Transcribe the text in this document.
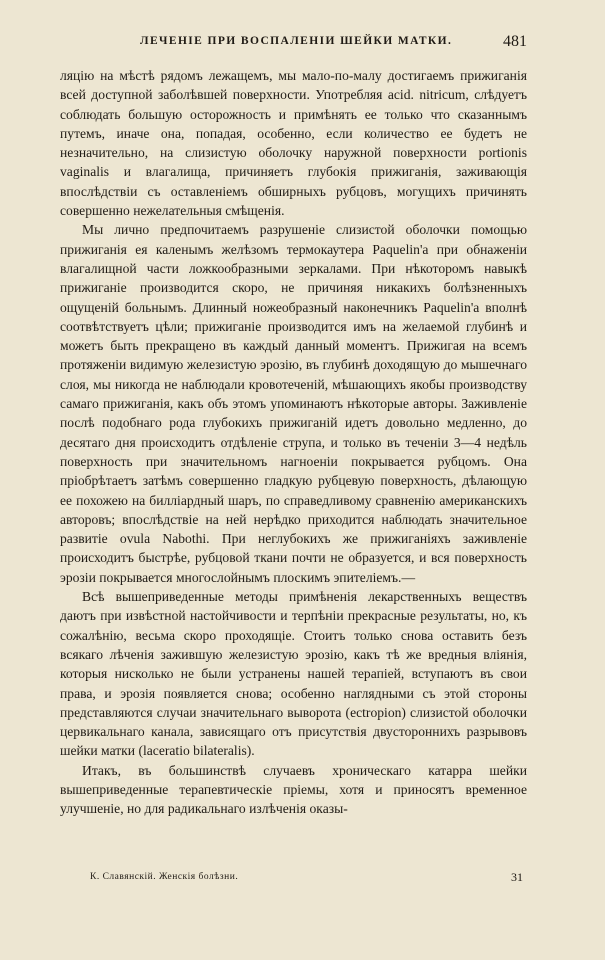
ЛЕЧЕНІЕ ПРИ ВОСПАЛЕНІИ ШЕЙКИ МАТКИ.	481

ляцію на мѣстѣ рядомъ лежащемъ, мы мало-по-малу достигаемъ прижиганія всей доступной заболѣвшей поверхности. Употребляя acid. nitricum, слѣдуетъ соблюдать большую осторожность и примѣнять ее только что сказаннымъ путемъ, иначе она, попадая, особенно, если количество ее будетъ не незначительно, на слизистую оболочку наружной поверхности portionis vaginalis и влагалища, причиняетъ глубокія прижиганія, заживающія впослѣдствіи съ оставленіемъ обширныхъ рубцовъ, могущихъ причинять совершенно нежелательныя смѣщенія.

Мы лично предпочитаемъ разрушеніе слизистой оболочки помощью прижиганія ея каленымъ желѣзомъ термокаутера Paquelin'а при обнаженіи влагалищной части ложкообразными зеркалами. При нѣкоторомъ навыкѣ прижиганіе производится скоро, не причиняя никакихъ болѣзненныхъ ощущеній больнымъ. Длинный ножеобразный наконечникъ Paquelin'а вполнѣ соотвѣтствуетъ цѣли; прижиганіе производится имъ на желаемой глубинѣ и можетъ быть прекращено въ каждый данный моментъ. Прижигая на всемъ протяженіи видимую железистую эрозію, въ глубинѣ доходящую до мышечнаго слоя, мы никогда не наблюдали кровотеченій, мѣшающихъ якобы производству самаго прижиганія, какъ объ этомъ упоминаютъ нѣкоторые авторы. Заживленіе послѣ подобнаго рода глубокихъ прижиганій идетъ довольно медленно, до десятаго дня происходитъ отдѣленіе струпа, и только въ теченіи 3—4 недѣль поверхность при значительномъ нагноеніи покрывается рубцомъ. Она пріобрѣтаетъ затѣмъ совершенно гладкую рубцевую поверхность, дѣлающую ее похожею на билліардный шаръ, по справедливому сравненію американскихъ авторовъ; впослѣдствіе на ней нерѣдко приходится наблюдать значительное развитіе ovula Nabothi. При неглубокихъ же прижиганіяхъ заживленіе происходитъ быстрѣе, рубцовой ткани почти не образуется, и вся поверхность эрозіи покрывается многослойнымъ плоскимъ эпителіемъ.—

Всѣ вышеприведенные методы примѣненія лекарственныхъ веществъ даютъ при извѣстной настойчивости и терпѣніи прекрасные результаты, но, къ сожалѣнію, весьма скоро проходящіе. Стоитъ только снова оставить безъ всякаго лѣченія зажившую железистую эрозію, какъ тѣ же вредныя вліянія, которыя нисколько не были устранены нашей терапіей, вступаютъ въ свои права, и эрозія появляется снова; особенно наглядными съ этой стороны представляются случаи значительнаго выворота (ectropion) слизистой оболочки цервикальнаго канала, зависящаго отъ присутствія двустороннихъ разрывовъ шейки матки (laceratio bilateralis).

Итакъ, въ большинствѣ случаевъ хроническаго катарра шейки вышеприведенные терапевтическіе пріемы, хотя и приносятъ временное улучшеніе, но для радикальнаго излѣченія оказы-

К. Славянскій. Женскія болѣзни.	31
